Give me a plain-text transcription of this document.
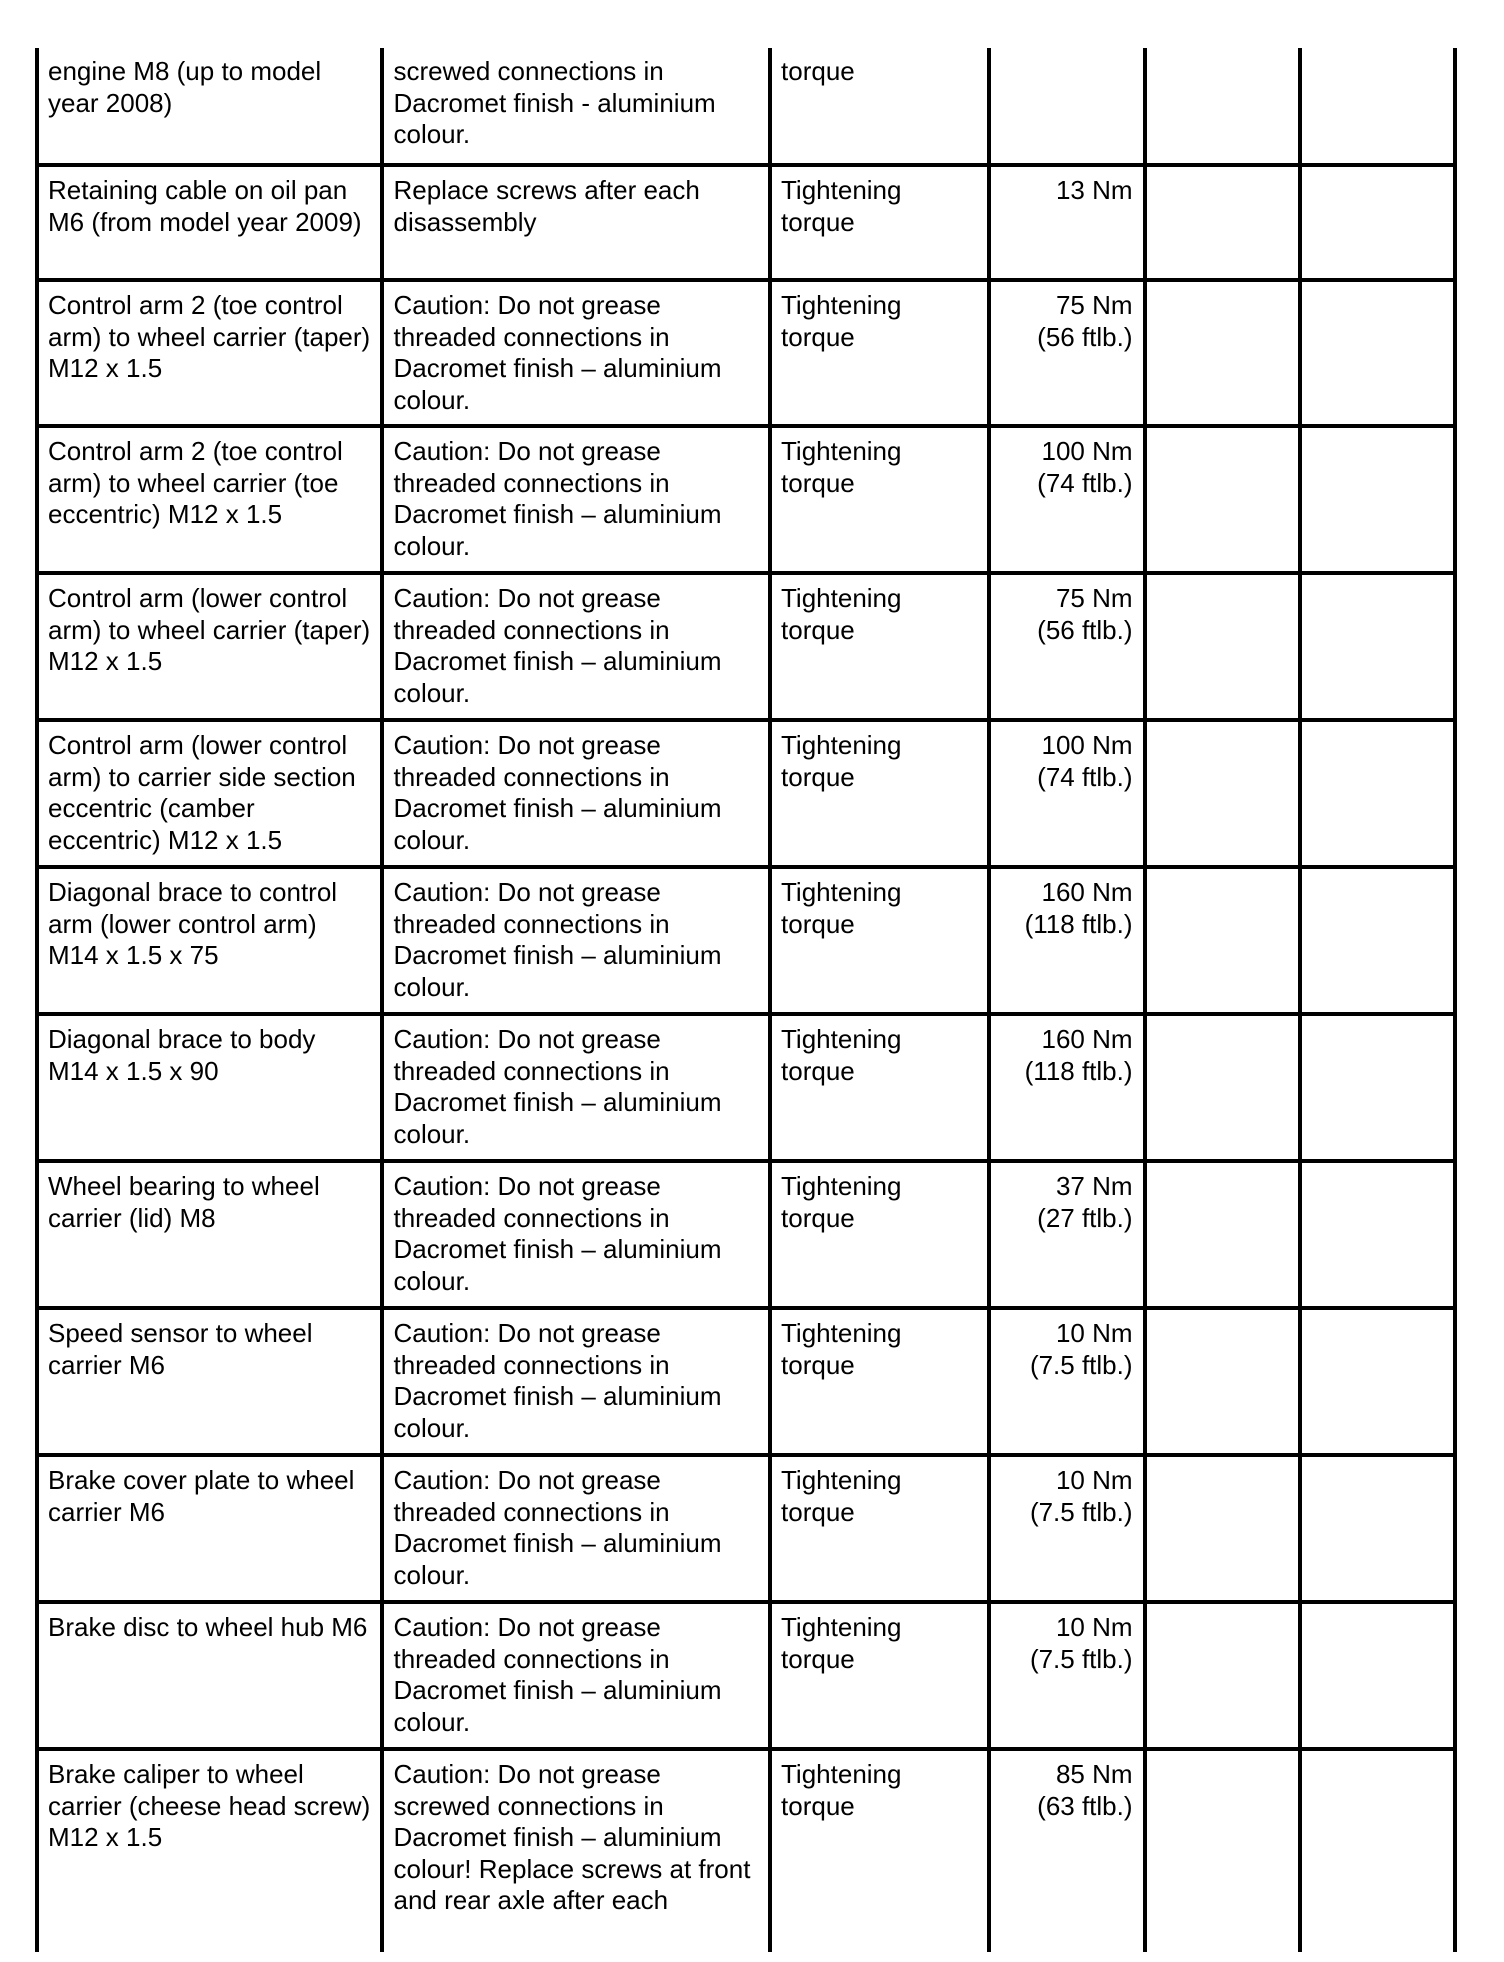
engine M8 (up to model year 2008)	screwed connections in Dacromet finish - aluminium colour.	torque	

Retaining cable on oil pan M6 (from model year 2009)	Replace screws after each disassembly	Tightening torque	13 Nm		

Control arm 2 (toe control arm) to wheel carrier (taper) M12 x 1.5	Caution: Do not grease threaded connections in Dacromet finish – aluminium colour.	Tightening torque	75 Nm
(56 ftlb.)		

Control arm 2 (toe control arm) to wheel carrier (toe eccentric) M12 x 1.5	Caution: Do not grease threaded connections in Dacromet finish – aluminium colour.	Tightening torque	100 Nm
(74 ftlb.)		

Control arm (lower control arm) to wheel carrier (taper) M12 x 1.5	Caution: Do not grease threaded connections in Dacromet finish – aluminium colour.	Tightening torque	75 Nm
(56 ftlb.)		

Control arm (lower control arm) to carrier side section eccentric (camber eccentric) M12 x 1.5	Caution: Do not grease threaded connections in Dacromet finish – aluminium colour.	Tightening torque	100 Nm
(74 ftlb.)		

Diagonal brace to control arm (lower control arm) M14 x 1.5 x 75	Caution: Do not grease threaded connections in Dacromet finish – aluminium colour.	Tightening torque	160 Nm
(118 ftlb.)		

Diagonal brace to body M14 x 1.5 x 90	Caution: Do not grease threaded connections in Dacromet finish – aluminium colour.	Tightening torque	160 Nm
(118 ftlb.)		

Wheel bearing to wheel carrier (lid) M8	Caution: Do not grease threaded connections in Dacromet finish – aluminium colour.	Tightening torque	37 Nm
(27 ftlb.)		

Speed sensor to wheel carrier M6	Caution: Do not grease threaded connections in Dacromet finish – aluminium colour.	Tightening torque	10 Nm
(7.5 ftlb.)		

Brake cover plate to wheel carrier M6	Caution: Do not grease threaded connections in Dacromet finish – aluminium colour.	Tightening torque	10 Nm
(7.5 ftlb.)		

Brake disc to wheel hub M6	Caution: Do not grease threaded connections in Dacromet finish – aluminium colour.	Tightening torque	10 Nm
(7.5 ftlb.)		

Brake caliper to wheel carrier (cheese head screw) M12 x 1.5	Caution: Do not grease screwed connections in Dacromet finish – aluminium colour! Replace screws at front and rear axle after each	Tightening torque	85 Nm
(63 ftlb.)		
